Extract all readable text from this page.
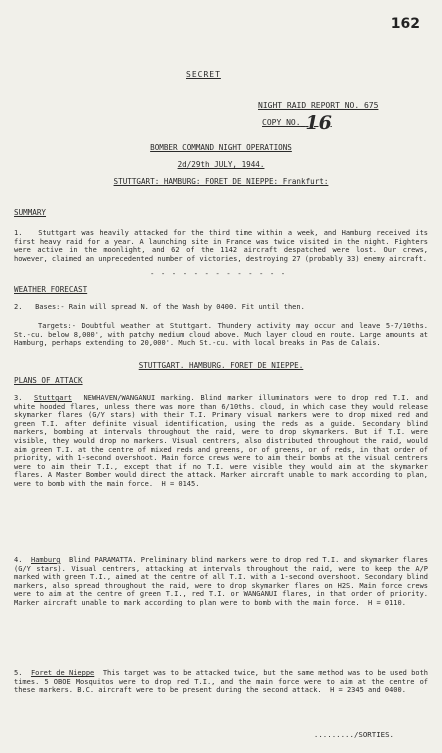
162
SECRET
NIGHT RAID REPORT NO. 675
COPY NO. 16
BOMBER COMMAND NIGHT OPERATIONS
2d/29th JULY, 1944.
STUTTGART: HAMBURG: FORET DE NIEPPE: Frankfurt:
SUMMARY
1. Stuttgart was heavily attacked for the third time within a week, and Hamburg received its first heavy raid for a year. A launching site in France was twice visited in the night. Fighters were active in the moonlight, and 62 of the 1142 aircraft despatched were lost. Our crews, however, claimed an unprecedented number of victories, destroying 27 (probably 33) enemy aircraft.
- - - - - - - - - - - - -
WEATHER FORECAST
2. Bases:- Rain will spread N. of the Wash by 0400. Fit until then.
Targets:- Doubtful weather at Stuttgart. Thundery activity may occur and leave 5-7/10ths. St.-cu. below 8,000', with patchy medium cloud above. Much layer cloud en route. Large amounts at Hamburg, perhaps extending to 20,000'. Much St.-cu. with local breaks in Pas de Calais.
STUTTGART. HAMBURG. FORET DE NIEPPE.
PLANS OF ATTACK
3. Stuttgart NEWHAVEN/WANGANUI marking. Blind marker illuminators were to drop red T.I. and white hooded flares, unless there was more than 6/10ths. cloud, in which case they would release skymarker flares (G/Y stars) with their T.I. Primary visual markers were to drop mixed red and green T.I. after definite visual identification, using the reds as a guide. Secondary blind markers, bombing at intervals throughout the raid, were to drop skymarkers. But if T.I. were visible, they would drop no markers. Visual centrers, also distributed throughout the raid, would aim green T.I. at the centre of mixed reds and greens, or of greens, or of reds, in that order of priority, with 1-second overshoot. Main force crews were to aim their bombs at the visual centrers were to aim their T.I., except that if no T.I. were visible they would aim at the skymarker flares. A Master Bomber would direct the attack. Marker aircraft unable to mark according to plan, were to bomb with the main force. H = 0145.
4. Hamburg Blind PARAMATTA. Preliminary blind markers were to drop red T.I. and skymarker flares (G/Y stars). Visual centrers, attacking at intervals throughout the raid, were to keep the A/P marked with green T.I., aimed at the centre of all T.I. with a 1-second overshoot. Secondary blind markers, also spread throughout the raid, were to drop skymarker flares on H2S. Main force crews were to aim at the centre of green T.I., red T.I. or WANGANUI flares, in that order of priority. Marker aircraft unable to mark according to plan were to bomb with the main force. H = 0110.
5. Foret de Nieppe This target was to be attacked twice, but the same method was to be used both times. 5 OBOE Mosquitos were to drop red T.I., and the main force were to aim at the centre of these markers. B.C. aircraft were to be present during the second attack. H = 2345 and 0400.
........./SORTIES.
